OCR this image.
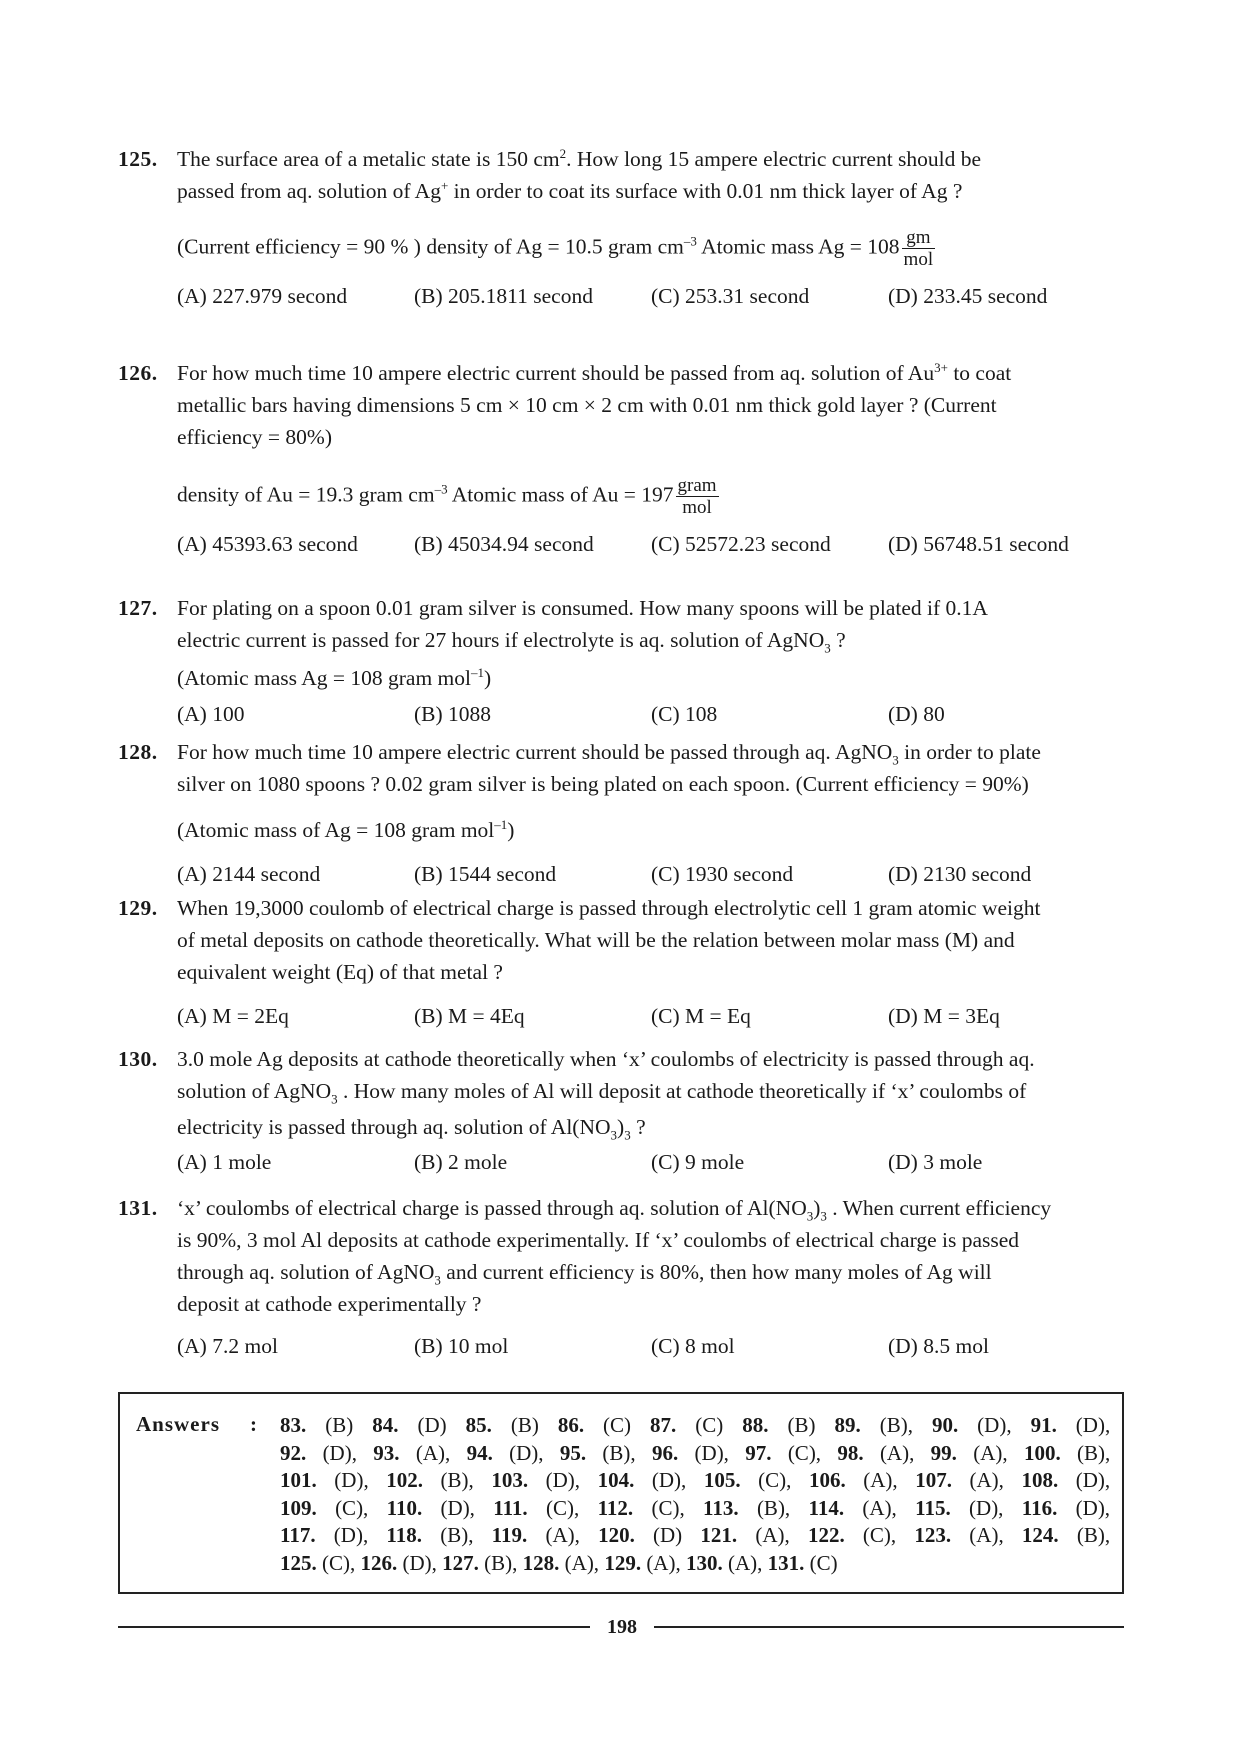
125. The surface area of a metalic state is 150 $cm^2$. How long 15 ampere electric current should be
passed from aq. solution of Ag+ in order to coat its surface with 0.01 nm thick layer of Ag ?
(Current efficiency = 90 % ) density of Ag = 10.5 gram $cm^{-3}$ Atomic mass $Ag = 108 \frac{gm}{\text{mol}}$
(A) 227.979 second	(B) 205.1811 second	(C) 253.31 second	(D) 233.45 second
126. For how much time 10 ampere electric current should be passed from aq. solution of $Au^{3+}$ to coat
metallic bars having dimensions 5 cm × 10 cm × 2 cm with 0.01 nm thick gold layer ? (Current
efficiency = 80%)
density of Au = 19.3 gram $cm^{-3}$ Atomic mass of $Au = 197 \frac{\text{gram}}{\text{mol}}$
(A) 45393.63 second	(B) 45034.94 second	(C) 52572.23 second	(D) 56748.51 second
127. For plating on a spoon 0.01 gram silver is consumed. How many spoons will be plated if 0.1A
electric current is passed for 27 hours if electrolyte is aq. solution of AgNO$_3$ ?
(Atomic mass Ag = 108 gram mol$^{-1}$)
(A) 100	(B) 1088	(C) 108	(D) 80
128. For how much time 10 ampere electric current should be passed through aq. AgNO$_3$ in order to plate
silver on 1080 spoons ? 0.02 gram silver is being plated on each spoon. (Current efficiency = 90%)
(Atomic mass of Ag = 108 gram mol$^{-1}$)
(A) 2144 second	(B) 1544 second	(C) 1930 second	(D) 2130 second
129. When 19,3000 coulomb of electrical charge is passed through electrolytic cell 1 gram atomic weight
of metal deposits on cathode theoretically. What will be the relation between molar mass (M) and
equivalent weight (Eq) of that metal ?
(A) M = 2Eq	(B) M = 4Eq	(C) M = Eq	(D) M = 3Eq
130. 3.0 mole Ag deposits at cathode theoretically when ‘x’ coulombs of electricity is passed through aq.
solution of AgNO$_3$ . How many moles of Al will deposit at cathode theoretically if ‘x’ coulombs of
electricity is passed through aq. solution of $Al(NO_3)_3$ ?
(A) 1 mole	(B) 2 mole	(C) 9 mole	(D) 3 mole
131. ‘x’ coulombs of electrical charge is passed through aq. solution of $Al(NO_3)_3$ . When current efficiency
is 90%, 3 mol Al deposits at cathode experimentally. If ‘x’ coulombs of electrical charge is passed
through aq. solution of AgNO$_3$ and current efficiency is 80%, then how many moles of Ag will
deposit at cathode experimentally ?
(A) 7.2 mol	(B) 10 mol	(C) 8 mol	(D) 8.5 mol
Answers : 83. (B) 84. (D) 85. (B) 86. (C) 87. (C) 88. (B) 89. (B), 90. (D), 91. (D),
92. (D), 93. (A), 94. (D), 95. (B), 96. (D), 97. (C), 98. (A), 99. (A), 100. (B),
101. (D), 102. (B), 103. (D), 104. (D), 105. (C), 106. (A), 107. (A), 108. (D),
109. (C), 110. (D), 111. (C), 112. (C), 113. (B), 114. (A), 115. (D), 116. (D),
117. (D), 118. (B), 119. (A), 120. (D) 121. (A), 122. (C), 123. (A), 124. (B),
125. (C), 126. (D), 127. (B), 128. (A), 129. (A), 130. (A), 131. (C)
198
